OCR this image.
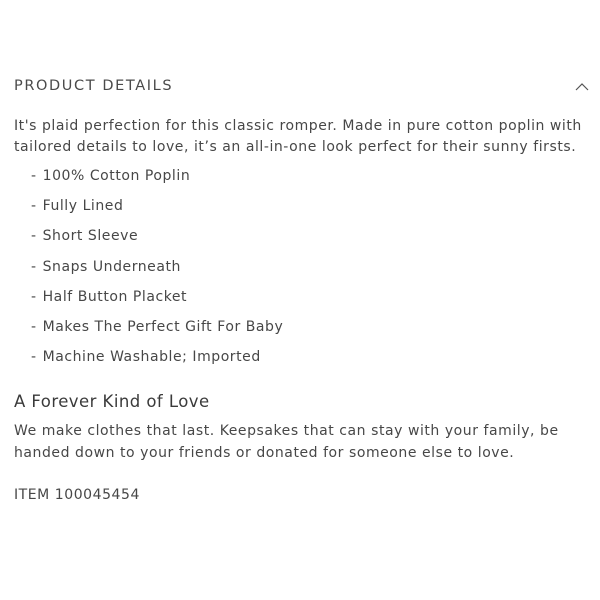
PRODUCT DETAILS

It's plaid perfection for this classic romper. Made in pure cotton poplin with tailored details to love, it’s an all-in-one look perfect for their sunny firsts.

- 100% Cotton Poplin
- Fully Lined
- Short Sleeve
- Snaps Underneath
- Half Button Placket
- Makes The Perfect Gift For Baby
- Machine Washable; Imported
A Forever Kind of Love

We make clothes that last. Keepsakes that can stay with your family, be handed down to your friends or donated for someone else to love.

ITEM 100045454
